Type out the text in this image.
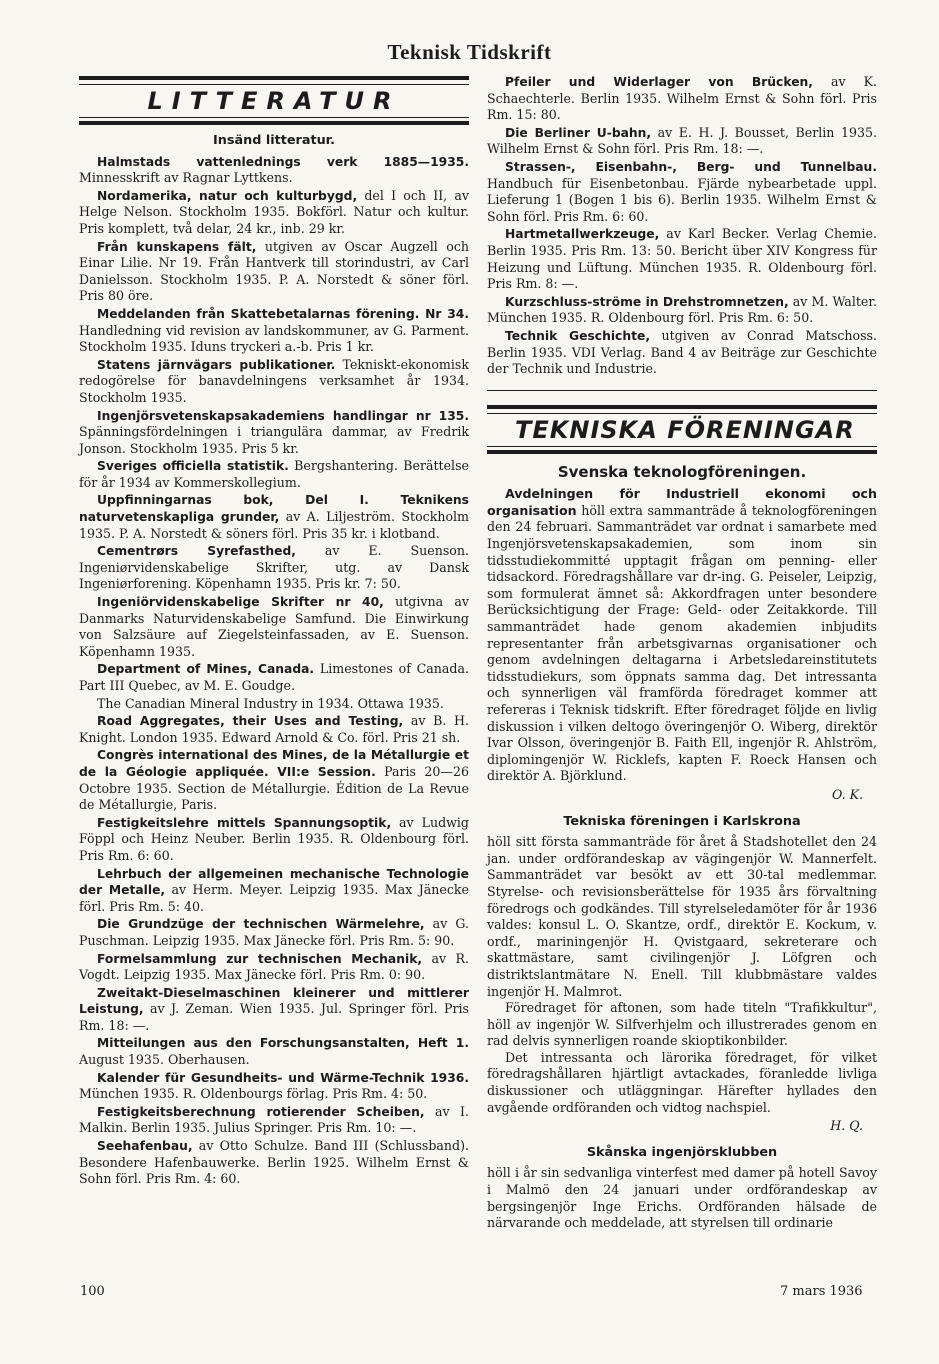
Teknisk Tidskrift
LITTERATUR
Insänd litteratur.

Halmstads vattenlednings verk 1885—1935. Minnesskrift av Ragnar Lyttkens.

Nordamerika, natur och kulturbygd, del I och II, av Helge Nelson. Stockholm 1935. Bokförl. Natur och kultur. Pris komplett, två delar, 24 kr., inb. 29 kr.

Från kunskapens fält, utgiven av Oscar Augzell och Einar Lilie. Nr 19. Från Hantverk till storindustri, av Carl Danielsson. Stockholm 1935. P. A. Norstedt & söner förl. Pris 80 öre.

Meddelanden från Skattebetalarnas förening. Nr 34. Handledning vid revision av landskommuner, av G. Parment. Stockholm 1935. Iduns tryckeri a.-b. Pris 1 kr.

Statens järnvägars publikationer. Tekniskt-ekonomisk redogörelse för banavdelningens verksamhet år 1934. Stockholm 1935.

Ingenjörsvetenskapsakademiens handlingar nr 135. Spänningsfördelningen i triangulära dammar, av Fredrik Jonson. Stockholm 1935. Pris 5 kr.

Sveriges officiella statistik. Bergshantering. Berättelse för år 1934 av Kommerskollegium.

Uppfinningarnas bok, Del I. Teknikens naturvetenskapliga grunder, av A. Liljeström. Stockholm 1935. P. A. Norstedt & söners förl. Pris 35 kr. i klotband.

Cementrørs Syrefasthed, av E. Suenson. Ingeniørvidenskabelige Skrifter, utg. av Dansk Ingeniørforening. Köpenhamn 1935. Pris kr. 7: 50.

Ingeniörvidenskabelige Skrifter nr 40, utgivna av Danmarks Naturvidenskabelige Samfund. Die Einwirkung von Salzsäure auf Ziegelsteinfassaden, av E. Suenson. Köpenhamn 1935.

Department of Mines, Canada. Limestones of Canada. Part III Quebec, av M. E. Goudge.

The Canadian Mineral Industry in 1934. Ottawa 1935.

Road Aggregates, their Uses and Testing, av B. H. Knight. London 1935. Edward Arnold & Co. förl. Pris 21 sh.

Congrès international des Mines, de la Métallurgie et de la Géologie appliquée. VII:e Session. Paris 20—26 Octobre 1935. Section de Métallurgie. Édition de La Revue de Métallurgie, Paris.

Festigkeitslehre mittels Spannungsoptik, av Ludwig Föppl och Heinz Neuber. Berlin 1935. R. Oldenbourg förl. Pris Rm. 6: 60.

Lehrbuch der allgemeinen mechanische Technologie der Metalle, av Herm. Meyer. Leipzig 1935. Max Jänecke förl. Pris Rm. 5: 40.

Die Grundzüge der technischen Wärmelehre, av G. Puschman. Leipzig 1935. Max Jänecke förl. Pris Rm. 5: 90.

Formelsammlung zur technischen Mechanik, av R. Vogdt. Leipzig 1935. Max Jänecke förl. Pris Rm. 0: 90.

Zweitakt-Dieselmaschinen kleinerer und mittlerer Leistung, av J. Zeman. Wien 1935. Jul. Springer förl. Pris Rm. 18: —.

Mitteilungen aus den Forschungsanstalten, Heft 1. August 1935. Oberhausen.

Kalender für Gesundheits- und Wärme-Technik 1936. München 1935. R. Oldenbourgs förlag. Pris Rm. 4: 50.

Festigkeitsberechnung rotierender Scheiben, av I. Malkin. Berlin 1935. Julius Springer. Pris Rm. 10: —.

Seehafenbau, av Otto Schulze. Band III (Schlussband). Besondere Hafenbauwerke. Berlin 1925. Wilhelm Ernst & Sohn förl. Pris Rm. 4: 60.

Pfeiler und Widerlager von Brücken, av K. Schaechterle. Berlin 1935. Wilhelm Ernst & Sohn förl. Pris Rm. 15: 80.

Die Berliner U-bahn, av E. H. J. Bousset, Berlin 1935. Wilhelm Ernst & Sohn förl. Pris Rm. 18: —.

Strassen-, Eisenbahn-, Berg- und Tunnelbau. Handbuch für Eisenbetonbau. Fjärde nybearbetade uppl. Lieferung 1 (Bogen 1 bis 6). Berlin 1935. Wilhelm Ernst & Sohn förl. Pris Rm. 6: 60.

Hartmetallwerkzeuge, av Karl Becker. Verlag Chemie. Berlin 1935. Pris Rm. 13: 50. Bericht über XIV Kongress für Heizung und Lüftung. München 1935. R. Oldenbourg förl. Pris Rm. 8: —.

Kurzschluss-ströme in Drehstromnetzen, av M. Walter. München 1935. R. Oldenbourg förl. Pris Rm. 6: 50.

Technik Geschichte, utgiven av Conrad Matschoss. Berlin 1935. VDI Verlag. Band 4 av Beiträge zur Geschichte der Technik und Industrie.

TEKNISKA FÖRENINGAR
Svenska teknologföreningen.

Avdelningen för Industriell ekonomi och organisation höll extra sammanträde å teknologföreningen den 24 februari. Sammanträdet var ordnat i samarbete med Ingenjörsvetenskapsakademien, som inom sin tidsstudiekommitté upptagit frågan om penning- eller tidsackord. Föredragshållare var dr-ing. G. Peiseler, Leipzig, som formulerat ämnet så: Akkordfragen unter besondere Berücksichtigung der Frage: Geld- oder Zeitakkorde. Till sammanträdet hade genom akademien inbjudits representanter från arbetsgivarnas organisationer och genom avdelningen deltagarna i Arbetsledareinstitutets tidsstudiekurs, som öppnats samma dag. Det intressanta och synnerligen väl framförda föredraget kommer att refereras i Teknisk tidskrift. Efter föredraget följde en livlig diskussion i vilken deltogo överingenjör O. Wiberg, direktör Ivar Olsson, överingenjör B. Faith Ell, ingenjör R. Ahlström, diplomingenjör W. Ricklefs, kapten F. Roeck Hansen och direktör A. Björklund.

O. K.
Tekniska föreningen i Karlskrona

höll sitt första sammanträde för året å Stadshotellet den 24 jan. under ordförandeskap av vägingenjör W. Mannerfelt. Sammanträdet var besökt av ett 30-tal medlemmar. Styrelse- och revisionsberättelse för 1935 års förvaltning föredrogs och godkändes. Till styrelseledamöter för år 1936 valdes: konsul L. O. Skantze, ordf., direktör E. Kockum, v. ordf., mariningenjör H. Qvistgaard, sekreterare och skattmästare, samt civilingenjör J. Löfgren och distriktslantmätare N. Enell. Till klubbmästare valdes ingenjör H. Malmrot.

Föredraget för aftonen, som hade titeln "Trafikkultur", höll av ingenjör W. Silfverhjelm och illustrerades genom en rad delvis synnerligen roande skioptikonbilder.

Det intressanta och lärorika föredraget, för vilket föredragshållaren hjärtligt avtackades, föranledde livliga diskussioner och utläggningar. Härefter hyllades den avgående ordföranden och vidtog nachspiel.

H. Q.
Skånska ingenjörsklubben

höll i år sin sedvanliga vinterfest med damer på hotell Savoy i Malmö den 24 januari under ordförandeskap av bergsingenjör Inge Erichs. Ordföranden hälsade de närvarande och meddelade, att styrelsen till ordinarie

100	7 mars 1936
